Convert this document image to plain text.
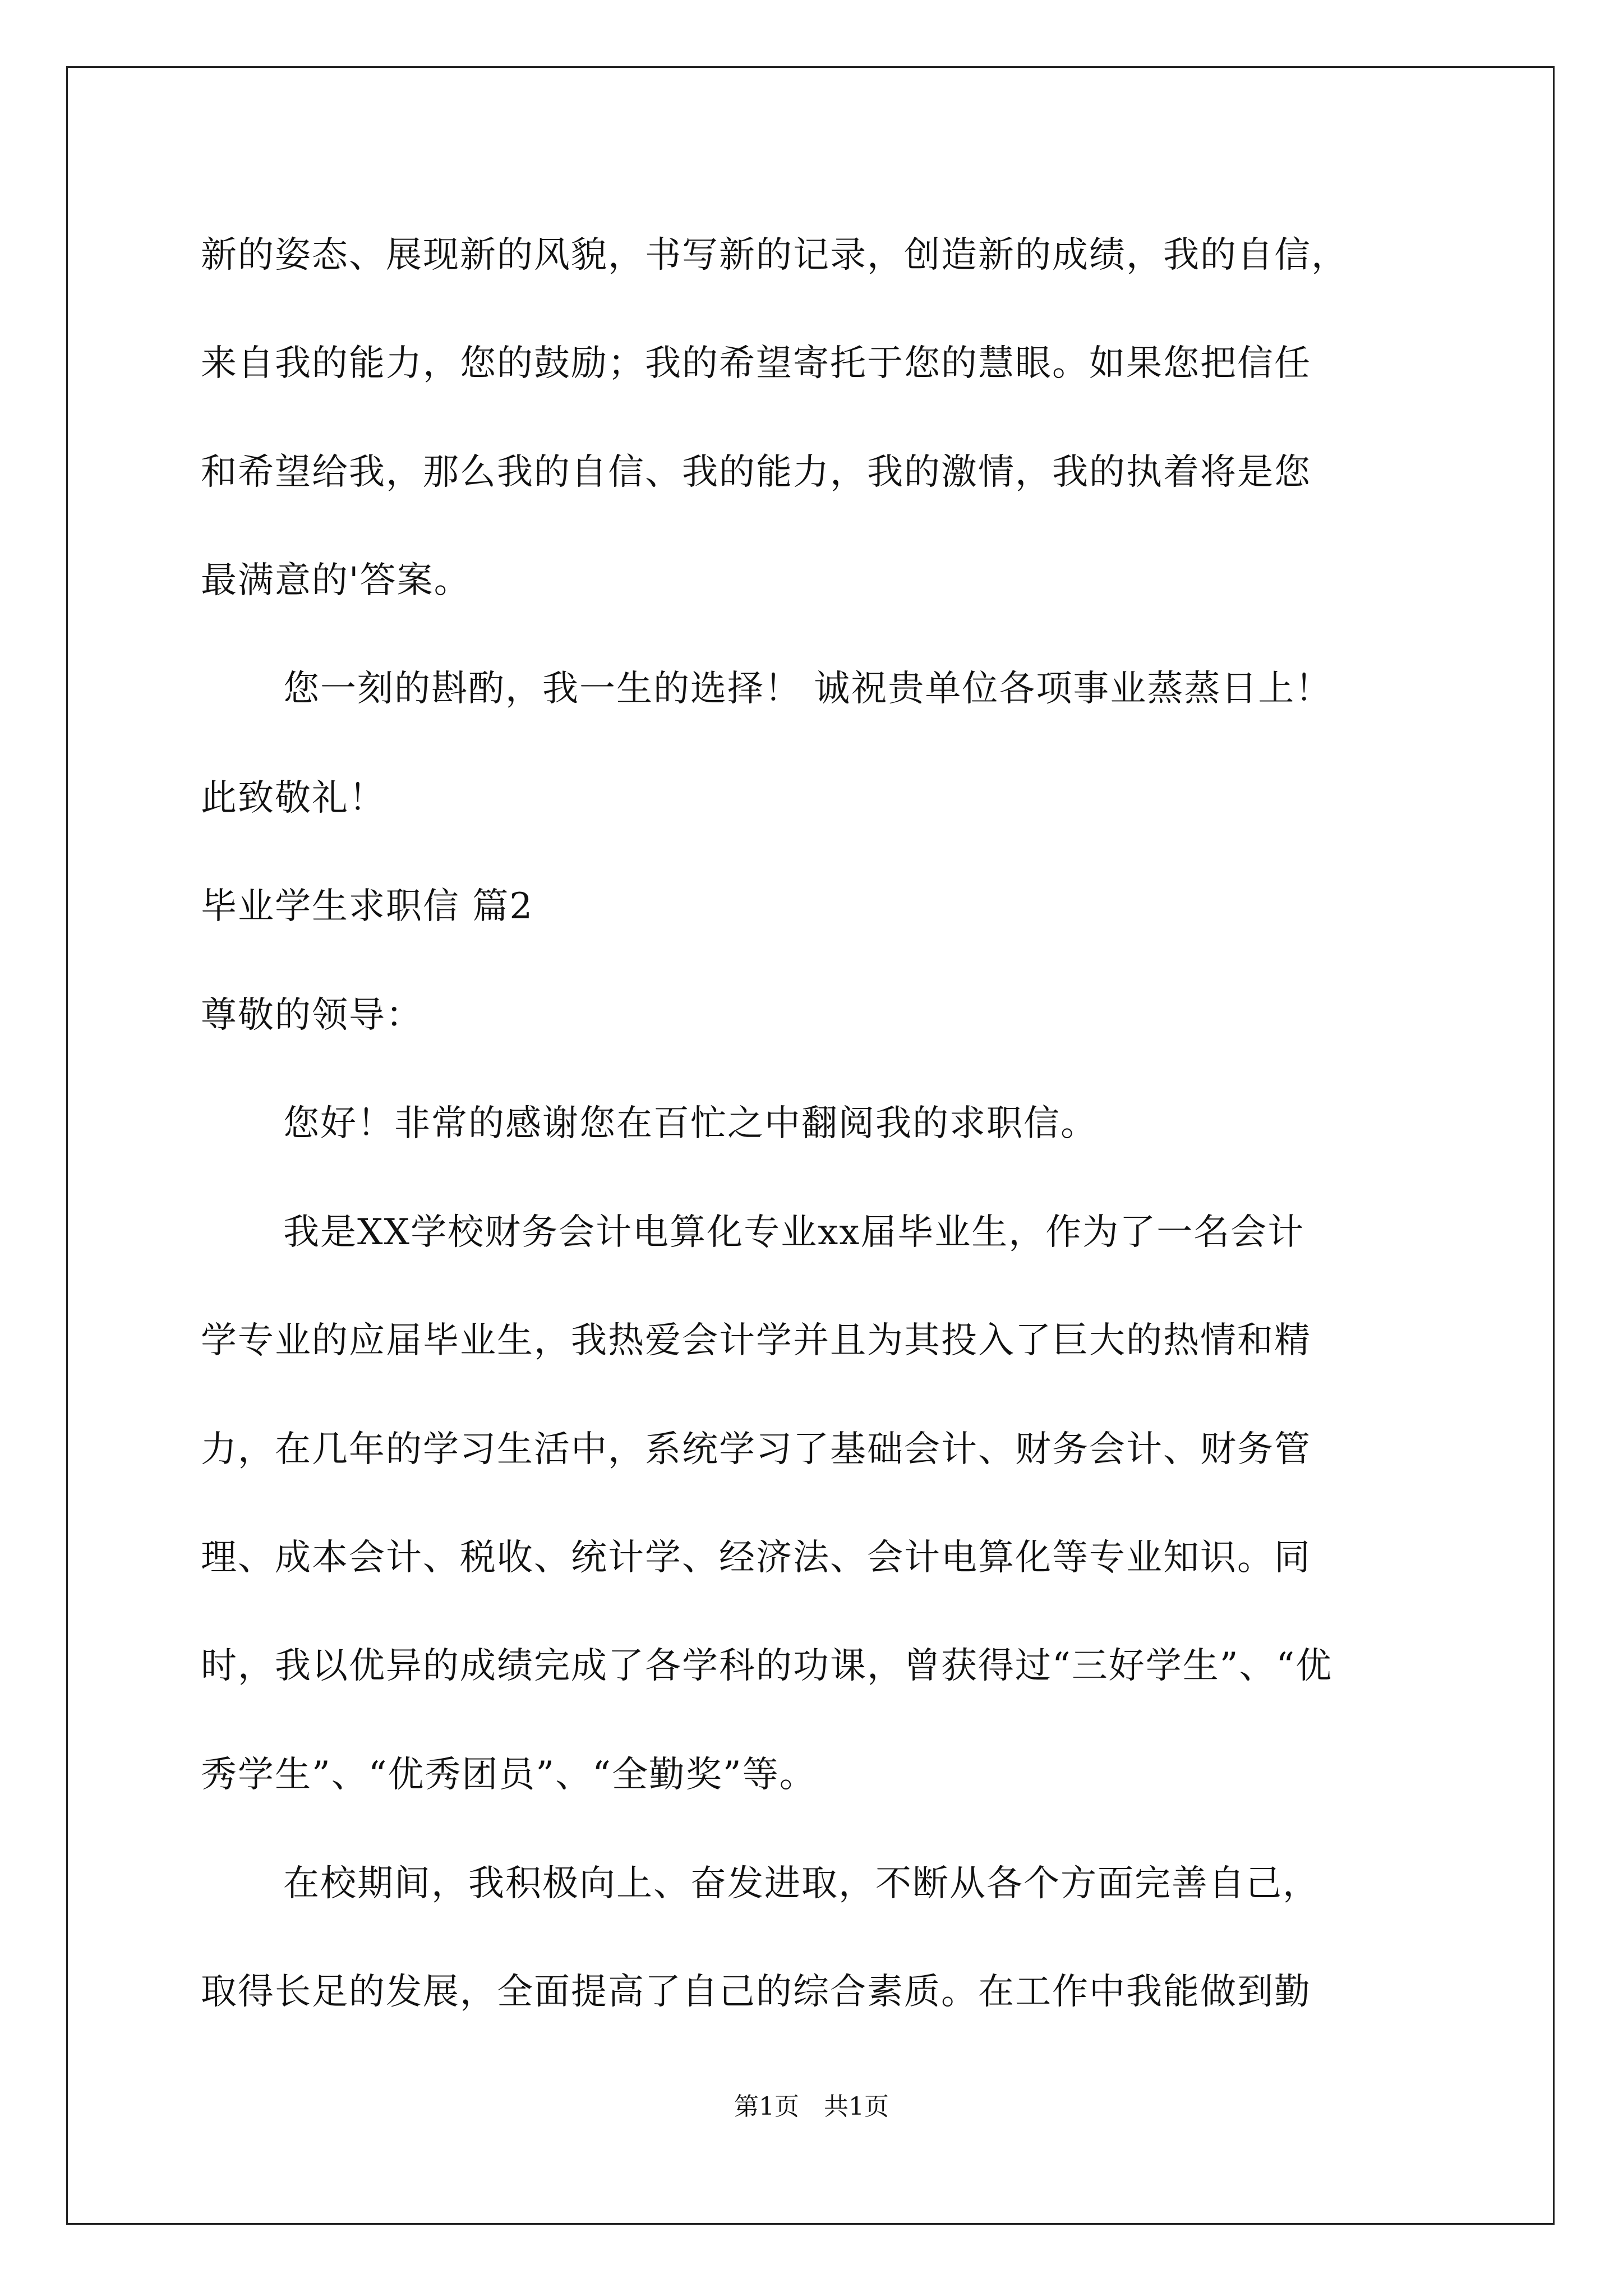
新的姿态、展现新的风貌，书写新的记录，创造新的成绩，我的自信，
来自我的能力，您的鼓励；我的希望寄托于您的慧眼。如果您把信任
和希望给我，那么我的自信、我的能力，我的激情，我的执着将是您
最满意的'答案。
您一刻的斟酌，我一生的选择！ 诚祝贵单位各项事业蒸蒸日上！
此致敬礼！
毕业学生求职信 篇2
尊敬的领导：
您好！非常的感谢您在百忙之中翻阅我的求职信。
我是XX学校财务会计电算化专业xx届毕业生，作为了一名会计
学专业的应届毕业生，我热爱会计学并且为其投入了巨大的热情和精
力，在几年的学习生活中，系统学习了基础会计、财务会计、财务管
理、成本会计、税收、统计学、经济法、会计电算化等专业知识。同
时，我以优异的成绩完成了各学科的功课，曾获得过“三好学生”、“优
秀学生”、“优秀团员”、“全勤奖”等。
在校期间，我积极向上、奋发进取，不断从各个方面完善自己，
取得长足的发展，全面提高了自己的综合素质。在工作中我能做到勤
第1页　共1页
